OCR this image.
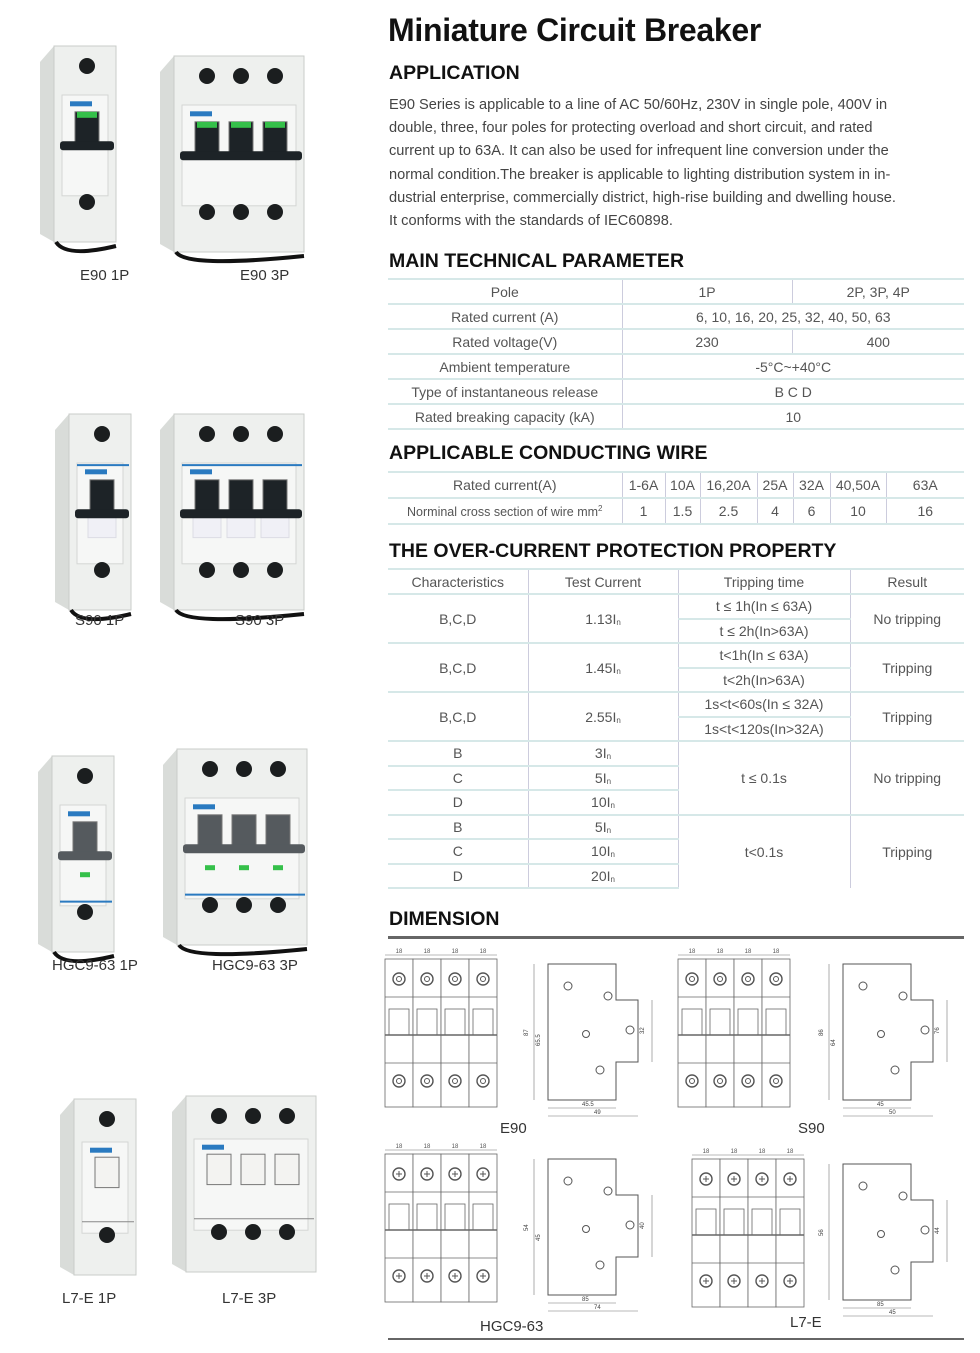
E90 1P	E90 3P
S90 1P	S90 3P
HGC9-63 1P	HGC9-63 3P
L7-E 1P	L7-E 3P
Miniature Circuit Breaker
APPLICATION
E90 Series is applicable to a line of AC 50/60Hz, 230V in single pole, 400V in
double, three, four poles for protecting overload and short circuit, and rated
current up to 63A. It can also be used for infrequent line conversion under the
normal condition.The breaker is applicable to lighting distribution system in in-
dustrial enterprise, commercially district, high-rise building and dwelling house.
It conforms with the standards of IEC60898.
MAIN TECHNICAL PARAMETER
Pole	1P	2P, 3P, 4P
Rated current (A)	6, 10, 16, 20, 25, 32, 40, 50, 63	
Rated voltage(V)	230	400
Ambient temperature	-5°C~+40°C	
Type of instantaneous release	B C D	
Rated breaking capacity (kA)	10	
APPLICABLE CONDUCTING WIRE
Rated current(A)	1-6A	10A	16,20A	25A	32A	40,50A	63A
Norminal cross section of wire $mm^2$	1	1.5	2.5	4	6	10	16
THE OVER-CURRENT PROTECTION PROPERTY
Characteristics	Test Current	Tripping time	Result
B,C,D	$1.13I_n$	t ≤ 1h(In ≤ 63A)	No tripping
		t ≤ 2h(In>63A)	
B,C,D	$1.45I_n$	t<1h(In ≤ 63A)	Tripping
		t<2h(In>63A)	
B,C,D	$2.55I_n$	1s<t<60s(In ≤ 32A)	Tripping
		1s<t<120s(In>32A)	
B	$3I_n$	t ≤ 0.1s	No tripping
C	$5I_n$
D	$10I_n$
B	$5I_n$	t<0.1s	Tripping
C	$10I_n$
D	$20I_n$
DIMENSION
18	18	18	18
87	32
45.5
49
65.5
E90
18	18	18	18
86	76
45
50
64
S90
18	18	18	18
54	40
85
74
45
HGC9-63
18	18	18	18
56	44
85
45
L7-E
